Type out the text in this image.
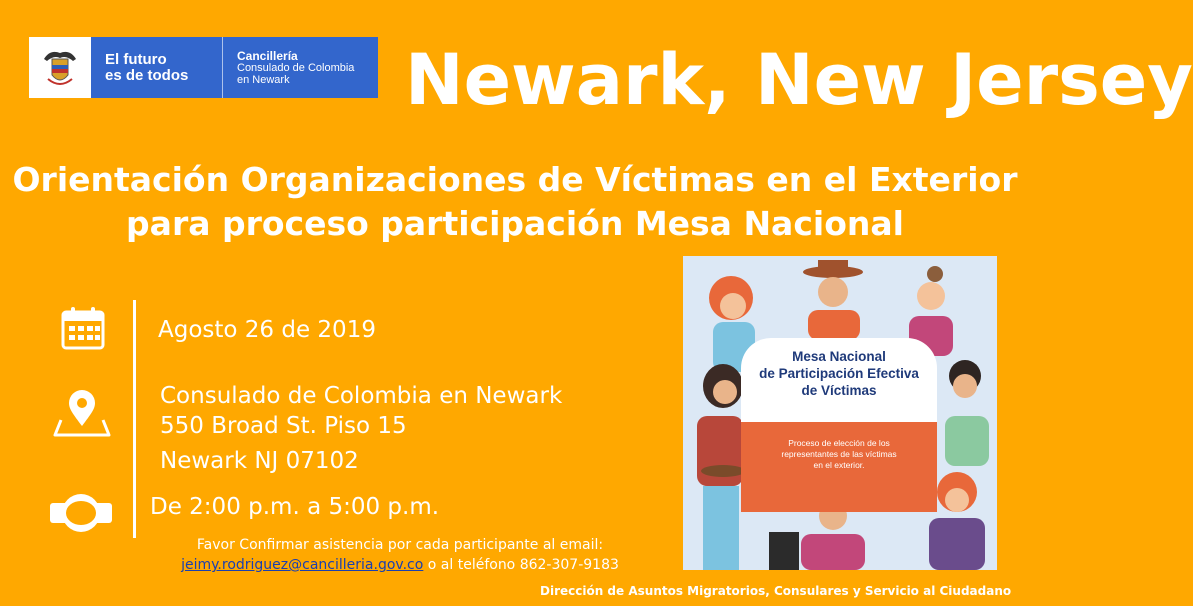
El futuro
es de todos
Cancillería
Consulado de Colombia
en Newark	Newark, New Jersey
Orientación Organizaciones de Víctimas en el Exterior
para proceso participación Mesa Nacional
Agosto 26 de 2019
Consulado de Colombia en Newark
550 Broad St. Piso 15
Newark NJ 07102
De 2:00 p.m. a 5:00 p.m.
Favor Confirmar asistencia por cada participante al email:
jeimy.rodriguez@cancilleria.gov.co o al teléfono 862-307-9183
Mesa Nacional
de Participación Efectiva
de Víctimas
Proceso de elección de los
representantes de las víctimas
en el exterior.

Dirección de Asuntos Migratorios, Consulares y Servicio al Ciudadano
